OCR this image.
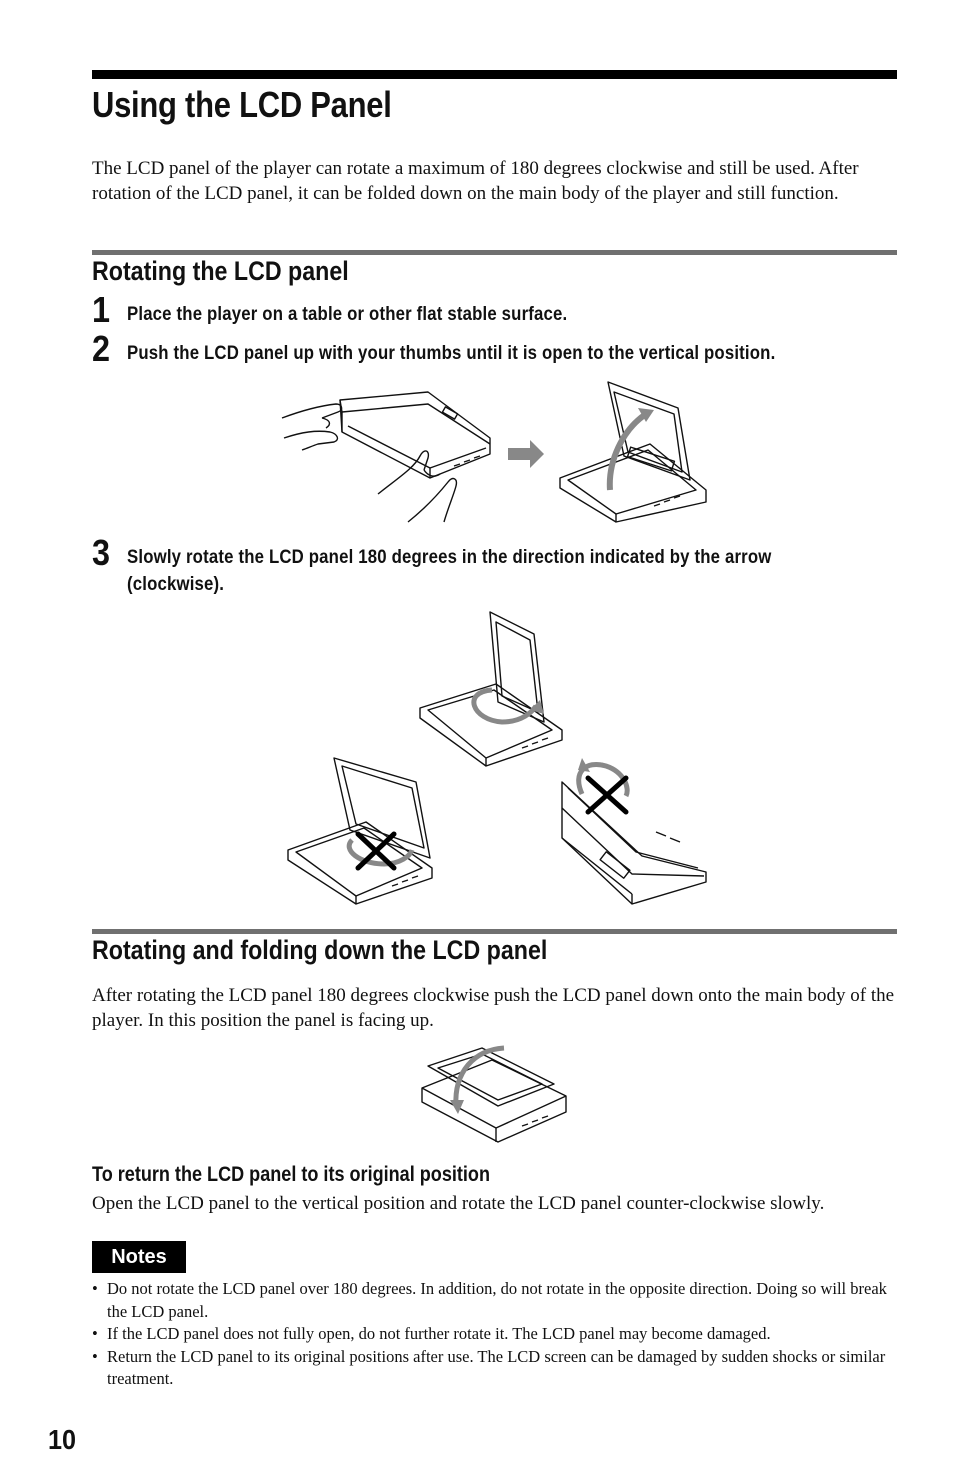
Using the LCD Panel
The LCD panel of the player can rotate a maximum of 180 degrees clockwise and still be used. After rotation of the LCD panel, it can be folded down on the main body of the player and still function.
Rotating the LCD panel
1 Place the player on a table or other flat stable surface.
2 Push the LCD panel up with your thumbs until it is open to the vertical position.
3 Slowly rotate the LCD panel 180 degrees in the direction indicated by the arrow
(clockwise).
Rotating and folding down the LCD panel
After rotating the LCD panel 180 degrees clockwise push the LCD panel down onto the main body of the player. In this position the panel is facing up.
To return the LCD panel to its original position
Open the LCD panel to the vertical position and rotate the LCD panel counter-clockwise slowly.
Notes
• Do not rotate the LCD panel over 180 degrees. In addition, do not rotate in the opposite direction. Doing so will break the LCD panel.
• If the LCD panel does not fully open, do not further rotate it. The LCD panel may become damaged.
• Return the LCD panel to its original positions after use. The LCD screen can be damaged by sudden shocks or similar treatment.
10
